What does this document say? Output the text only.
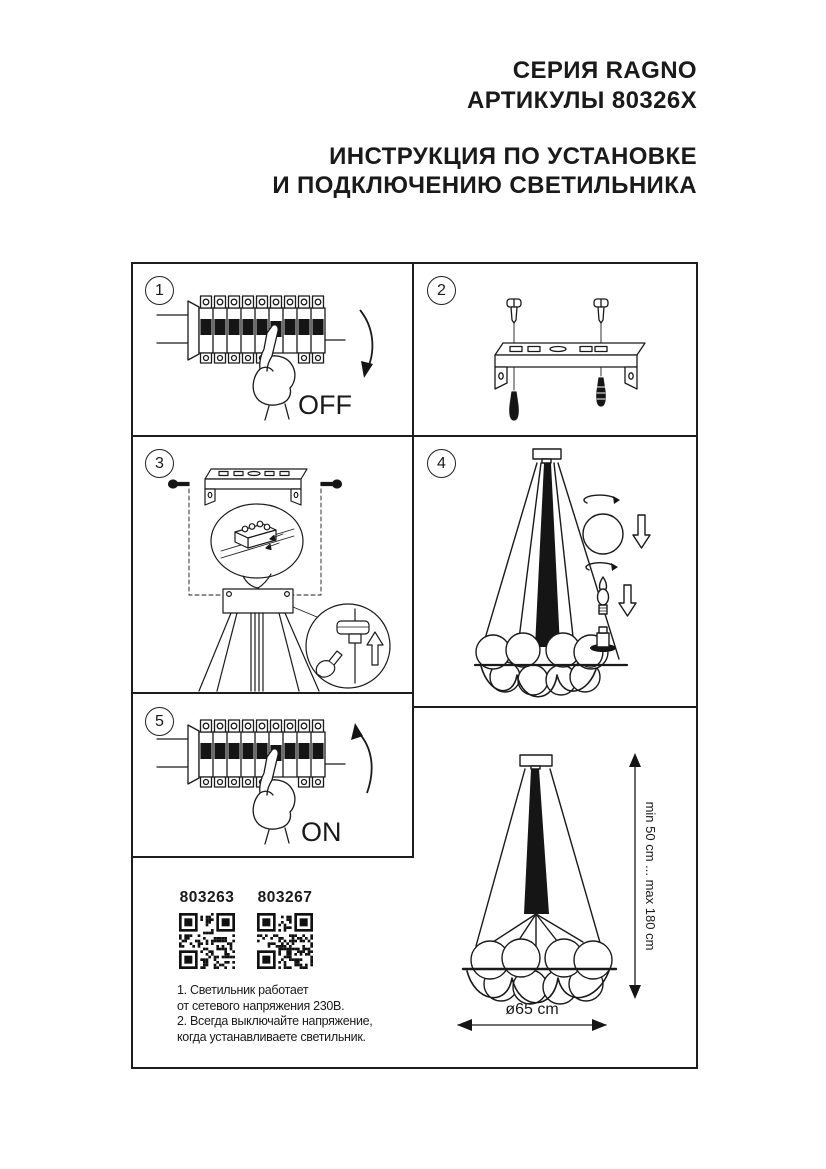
СЕРИЯ RAGNO
АРТИКУЛЫ 80326X
ИНСТРУКЦИЯ ПО УСТАНОВКЕ
И ПОДКЛЮЧЕНИЮ СВЕТИЛЬНИКА
1	2
3	4
5
OFF
ON	min 50 cm ... max 180 cm
ø65 cm
803263 803267
1. Светильник работает
от сетевого напряжения 230В.
2. Всегда выключайте напряжение,
когда устанавливаете светильник.
